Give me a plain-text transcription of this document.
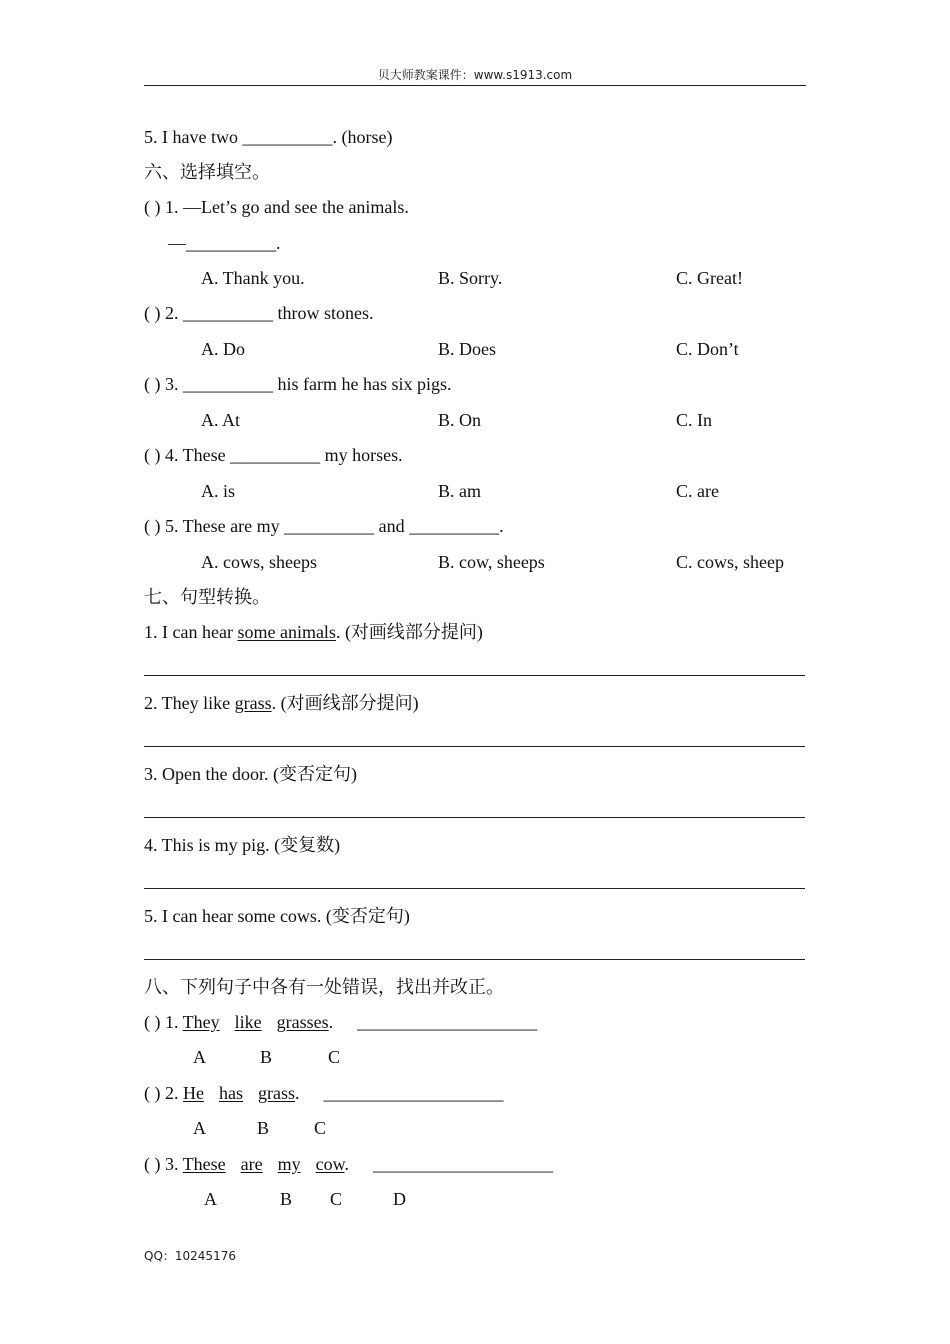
贝大师教案课件：www.s1913.com
5. I have two __________. (horse)
六、选择填空。
( ) 1. —Let’s go and see the animals.
—__________.
A. Thank you.	B. Sorry.	C. Great!
( ) 2. __________ throw stones.
A. Do	B. Does	C. Don’t
( ) 3. __________ his farm he has six pigs.
A. At	B. On	C. In
( ) 4. These __________ my horses.
A. is	B. am	C. are
( ) 5. These are my __________ and __________.
A. cows, sheeps	B. cow, sheeps	C. cows, sheep
七、句型转换。
1. I can hear some animals. (对画线部分提问)
2. They like grass. (对画线部分提问)
3. Open the door. (变否定句)
4. This is my pig. (变复数)
5. I can hear some cows. (变否定句)
八、下列句子中各有一处错误，找出并改正。
( ) 1. They like grasses. ____________________
A	B	C
( ) 2. He has grass. ____________________
A	B C
( ) 3. These are my cow. ____________________
A	B C	D
QQ：10245176
